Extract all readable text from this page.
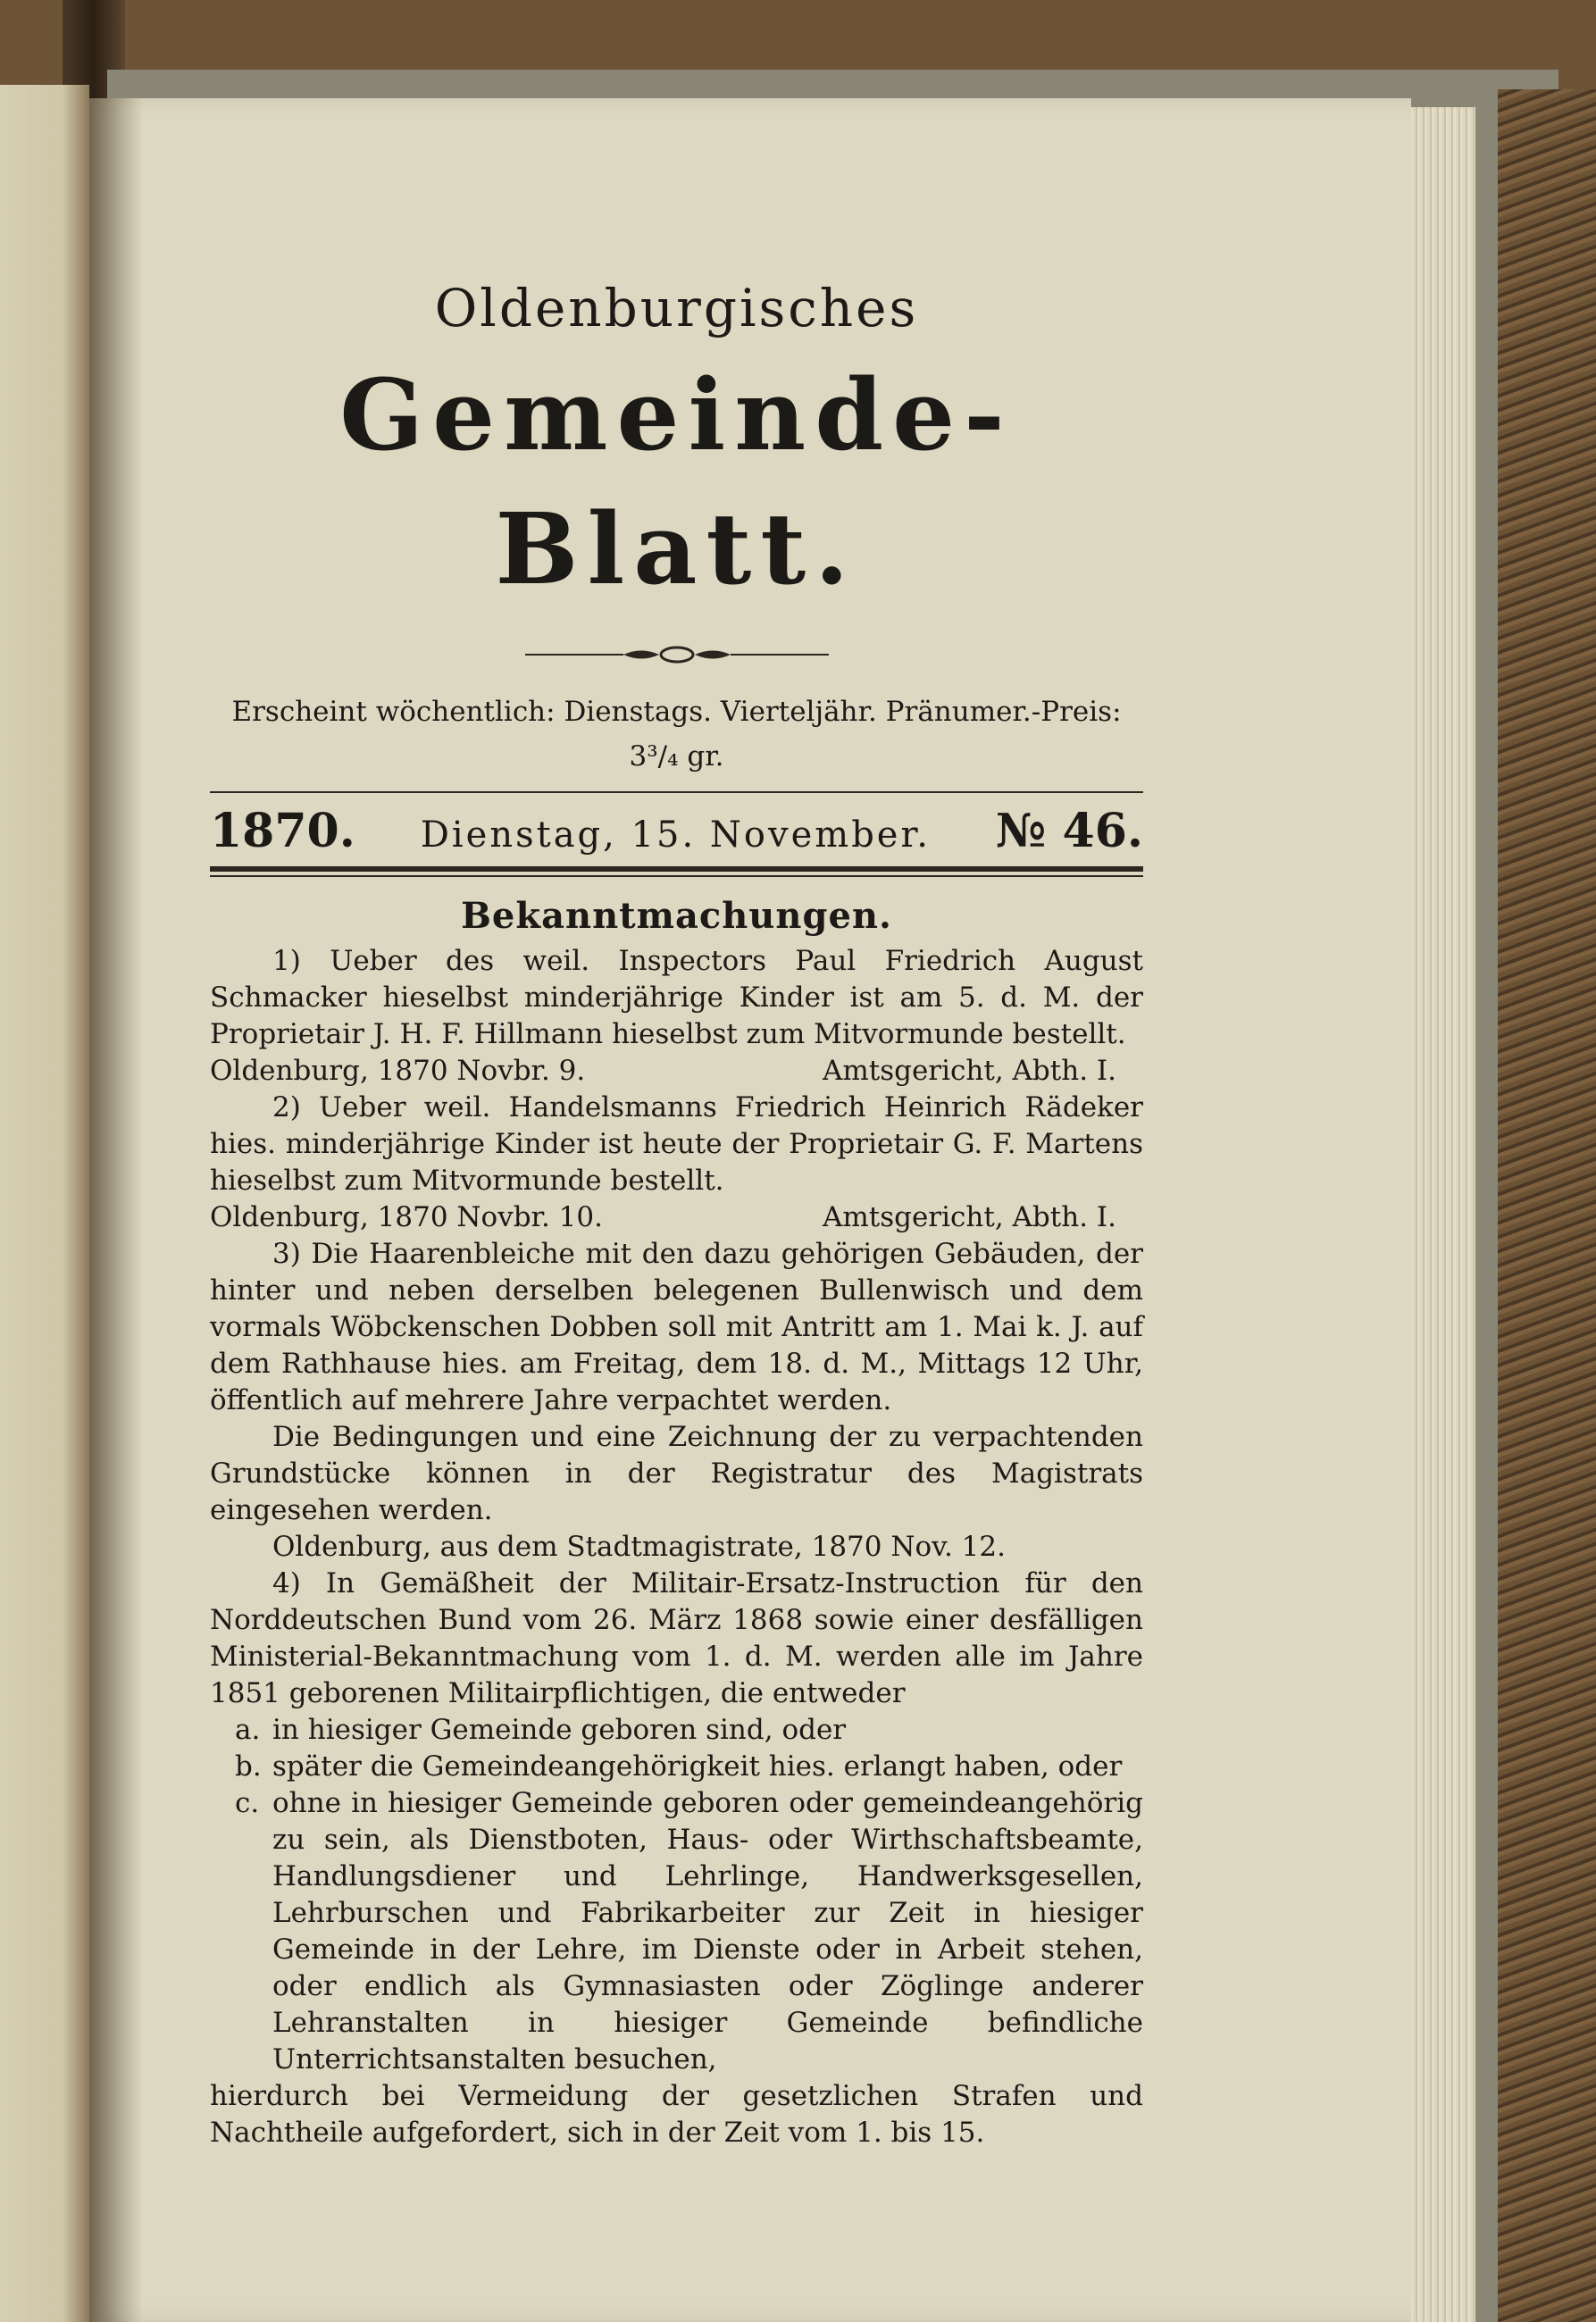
Oldenburgisches

Gemeinde-Blatt.

Erscheint wöchentlich: Dienstags. Vierteljähr. Pränumer.-Preis: 3³/₄ gr.

1870. Dienstag, 15. November. № 46.

Bekanntmachungen.

1) Ueber des weil. Inspectors Paul Friedrich August Schmacker hieselbst minderjährige Kinder ist am 5. d. M. der Proprietair J. H. F. Hillmann hieselbst zum Mitvormunde bestellt.

Oldenburg, 1870 Novbr. 9.	Amtsgericht, Abth. I.

2) Ueber weil. Handelsmanns Friedrich Heinrich Rädeker hies. minderjährige Kinder ist heute der Proprietair G. F. Martens hieselbst zum Mitvormunde bestellt.

Oldenburg, 1870 Novbr. 10.	Amtsgericht, Abth. I.

3) Die Haarenbleiche mit den dazu gehörigen Gebäuden, der hinter und neben derselben belegenen Bullenwisch und dem vormals Wöbckenschen Dobben soll mit Antritt am 1. Mai k. J. auf dem Rathhause hies. am Freitag, dem 18. d. M., Mittags 12 Uhr, öffentlich auf mehrere Jahre verpachtet werden.

Die Bedingungen und eine Zeichnung der zu verpachtenden Grundstücke können in der Registratur des Magistrats eingesehen werden.

Oldenburg, aus dem Stadtmagistrate, 1870 Nov. 12.

4) In Gemäßheit der Militair-Ersatz-Instruction für den Norddeutschen Bund vom 26. März 1868 sowie einer desfälligen Ministerial-Bekanntmachung vom 1. d. M. werden alle im Jahre 1851 geborenen Militairpflichtigen, die entweder

a. in hiesiger Gemeinde geboren sind, oder
b. später die Gemeindeangehörigkeit hies. erlangt haben, oder
c. ohne in hiesiger Gemeinde geboren oder gemeindeangehörig zu sein, als Dienstboten, Haus- oder Wirthschaftsbeamte, Handlungsdiener und Lehrlinge, Handwerksgesellen, Lehrburschen und Fabrikarbeiter zur Zeit in hiesiger Gemeinde in der Lehre, im Dienste oder in Arbeit stehen, oder endlich als Gymnasiasten oder Zöglinge anderer Lehranstalten in hiesiger Gemeinde befindliche Unterrichtsanstalten besuchen,

hierdurch bei Vermeidung der gesetzlichen Strafen und Nachtheile aufgefordert, sich in der Zeit vom 1. bis 15.
